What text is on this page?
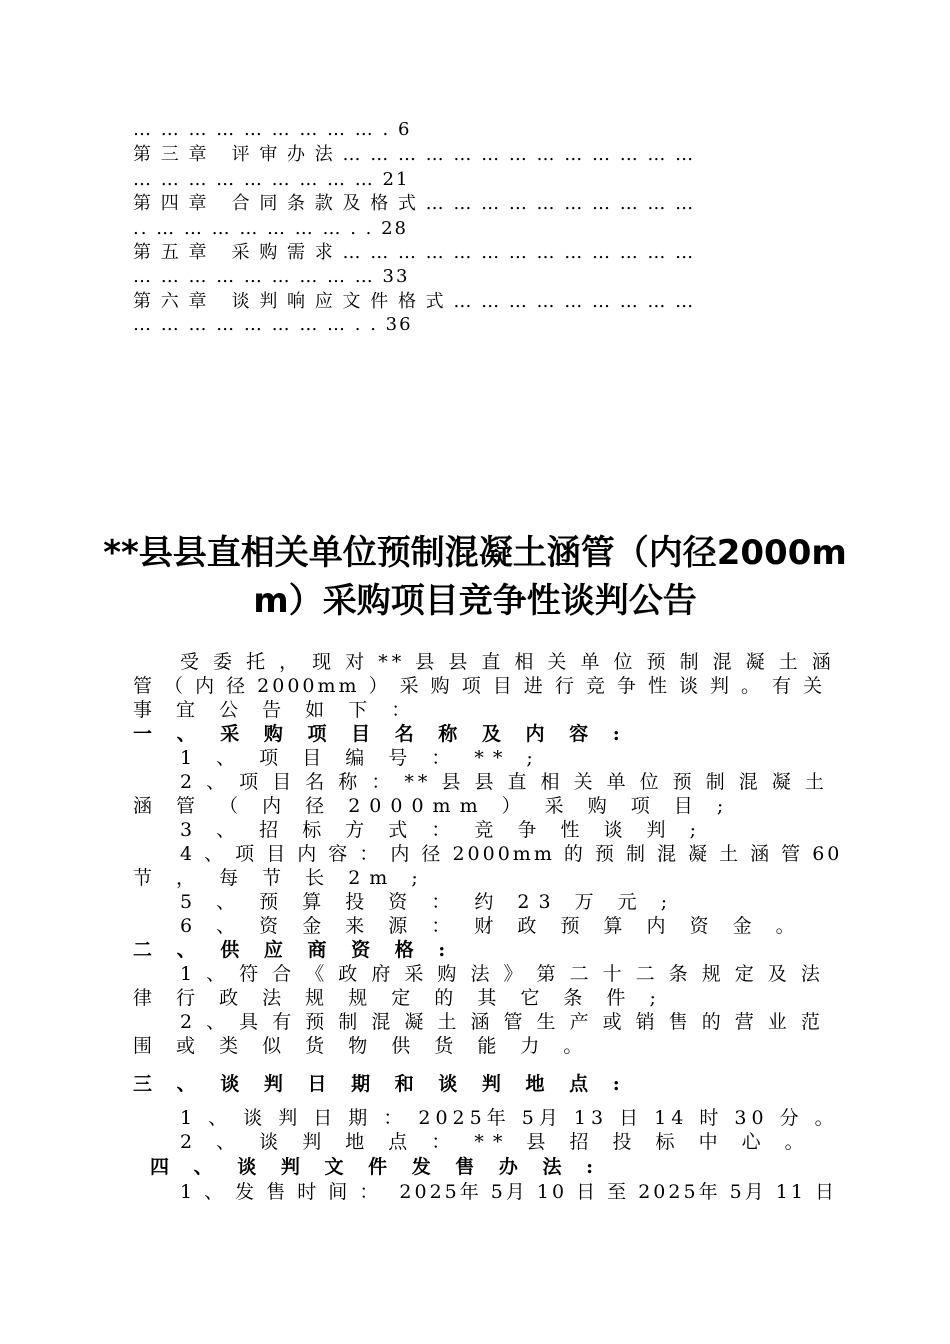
… … … … … … … … … . 6
第 三 章   评 审 办 法 … … … … … … … … … … … … …
… … … … … … … … … 21
第 四 章   合 同 条 款 及 格 式 … … … … … … … … … …
.. … … … … … … … . . 28
第 五 章   采 购 需 求 … … … … … … … … … … … … …
… … … … … … … … … 33
第 六 章   谈 判 响 应 文 件 格 式 … … … … … … … … …
… … … … … … … … . . 36
**县县直相关单位预制混凝土涵管（内径2000m
m）采购项目竞争性谈判公告
受 委 托 ， 现 对 ** 县 县 直 相 关 单 位 预 制 混 凝 土 涵
管 （ 内 径 2000mm ） 采 购 项 目 进 行 竞 争 性 谈 判 。 有 关
事 宜 公 告 如 下 ：
一 、 采 购 项 目 名 称 及 内 容 :
1 、 项 目 编 号 ： ** ;
2 、 项 目 名 称 ： ** 县 县 直 相 关 单 位 预 制 混 凝 土
涵 管 （ 内 径 2000mm ） 采 购 项 目 ;
3 、 招 标 方 式 ： 竞 争 性 谈 判 ;
4 、 项 目 内 容 ： 内 径 2000mm 的 预 制 混 凝 土 涵 管 60
节 ， 每 节 长 2m ;
5 、 预 算 投 资 ： 约 23 万 元 ;
6 、 资 金 来 源 ： 财 政 预 算 内 资 金 。
二 、 供 应 商 资 格 :
1 、 符 合 《 政 府 采 购 法 》 第 二 十 二 条 规 定 及 法
律 行 政 法 规 规 定 的 其 它 条 件 ;
2 、 具 有 预 制 混 凝 土 涵 管 生 产 或 销 售 的 营 业 范
围 或 类 似 货 物 供 货 能 力 。
三 、 谈 判 日 期 和 谈 判 地 点 :
1 、 谈 判 日 期 ： 2025年 5月 13 日 14 时 30 分 。
2 、 谈 判 地 点 ： ** 县 招 投 标 中 心 。
四 、 谈 判 文 件 发 售 办 法 :
1 、 发 售 时 间 ：  2025年 5月 10 日 至 2025年 5月 11 日
